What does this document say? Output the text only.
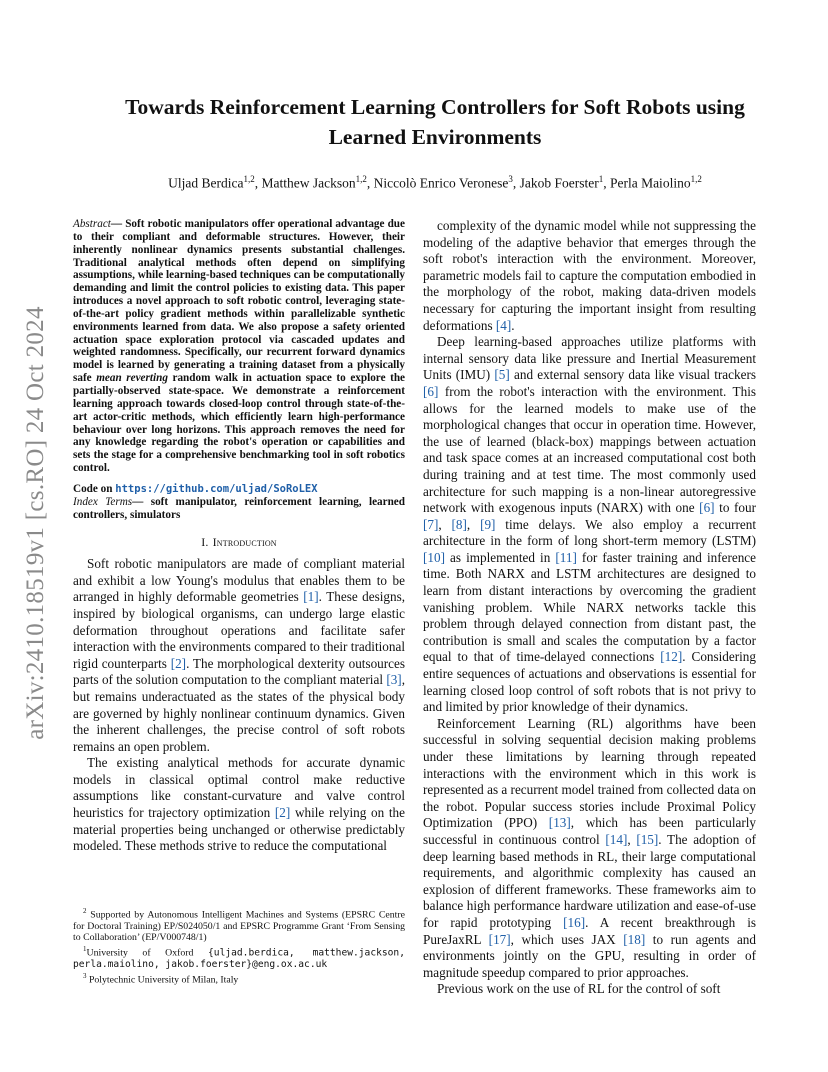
arXiv:2410.18519v1 [cs.RO] 24 Oct 2024
Towards Reinforcement Learning Controllers for Soft Robots using
Learned Environments
Uljad Berdica$^{1,2}$, Matthew Jackson$^{1,2}$, Niccolò Enrico Veronese$^3$, Jakob Foerster$^1$, Perla Maiolino$^{1,2}$
Abstract— Soft robotic manipulators offer operational advantage due to their compliant and deformable structures. However, their inherently nonlinear dynamics presents substantial challenges. Traditional analytical methods often depend on simplifying assumptions, while learning-based techniques can be computationally demanding and limit the control policies to existing data. This paper introduces a novel approach to soft robotic control, leveraging state-of-the-art policy gradient methods within parallelizable synthetic environments learned from data. We also propose a safety oriented actuation space exploration protocol via cascaded updates and weighted randomness. Specifically, our recurrent forward dynamics model is learned by generating a training dataset from a physically safe mean reverting random walk in actuation space to explore the partially-observed state-space. We demonstrate a reinforcement learning approach towards closed-loop control through state-of-the-art actor-critic methods, which efficiently learn high-performance behaviour over long horizons. This approach removes the need for any knowledge regarding the robot's operation or capabilities and sets the stage for a comprehensive benchmarking tool in soft robotics control.
Code on https://github.com/uljad/SoRoLEX
Index Terms— soft manipulator, reinforcement learning, learned controllers, simulators
I. Introduction

Soft robotic manipulators are made of compliant material and exhibit a low Young's modulus that enables them to be arranged in highly deformable geometries [1]. These designs, inspired by biological organisms, can undergo large elastic deformation throughout operations and facilitate safer interaction with the environments compared to their traditional rigid counterparts [2]. The morphological dexterity outsources parts of the solution computation to the compliant material [3], but remains underactuated as the states of the physical body are governed by highly nonlinear continuum dynamics. Given the inherent challenges, the precise control of soft robots remains an open problem.

The existing analytical methods for accurate dynamic models in classical optimal control make reductive assumptions like constant-curvature and valve control heuristics for trajectory optimization [2] while relying on the material properties being unchanged or otherwise predictably modeled. These methods strive to reduce the computational

complexity of the dynamic model while not suppressing the modeling of the adaptive behavior that emerges through the soft robot's interaction with the environment. Moreover, parametric models fail to capture the computation embodied in the morphology of the robot, making data-driven models necessary for capturing the important insight from resulting deformations [4].

Deep learning-based approaches utilize platforms with internal sensory data like pressure and Inertial Measurement Units (IMU) [5] and external sensory data like visual trackers [6] from the robot's interaction with the environment. This allows for the learned models to make use of the morphological changes that occur in operation time. However, the use of learned (black-box) mappings between actuation and task space comes at an increased computational cost both during training and at test time. The most commonly used architecture for such mapping is a non-linear autoregressive network with exogenous inputs (NARX) with one [6] to four [7], [8], [9] time delays. We also employ a recurrent architecture in the form of long short-term memory (LSTM) [10] as implemented in [11] for faster training and inference time. Both NARX and LSTM architectures are designed to learn from distant interactions by overcoming the gradient vanishing problem. While NARX networks tackle this problem through delayed connection from distant past, the contribution is small and scales the computation by a factor equal to that of time-delayed connections [12]. Considering entire sequences of actuations and observations is essential for learning closed loop control of soft robots that is not privy to and limited by prior knowledge of their dynamics.

Reinforcement Learning (RL) algorithms have been successful in solving sequential decision making problems under these limitations by learning through repeated interactions with the environment which in this work is represented as a recurrent model trained from collected data on the robot. Popular success stories include Proximal Policy Optimization (PPO) [13], which has been particularly successful in continuous control [14], [15]. The adoption of deep learning based methods in RL, their large computational requirements, and algorithmic complexity has caused an explosion of different frameworks. These frameworks aim to balance high performance hardware utilization and ease-of-use for rapid prototyping [16]. A recent breakthrough is PureJaxRL [17], which uses JAX [18] to run agents and environments jointly on the GPU, resulting in order of magnitude speedup compared to prior approaches.

Previous work on the use of RL for the control of soft

$^2$ Supported by Autonomous Intelligent Machines and Systems (EPSRC Centre for Doctoral Training) EP/S024050/1 and EPSRC Programme Grant ‘From Sensing to Collaboration’ (EP/V000748/1)

$^1$University of Oxford {uljad.berdica, matthew.jackson, perla.maiolino, jakob.foerster}@eng.ox.ac.uk

$^3$ Polytechnic University of Milan, Italy
